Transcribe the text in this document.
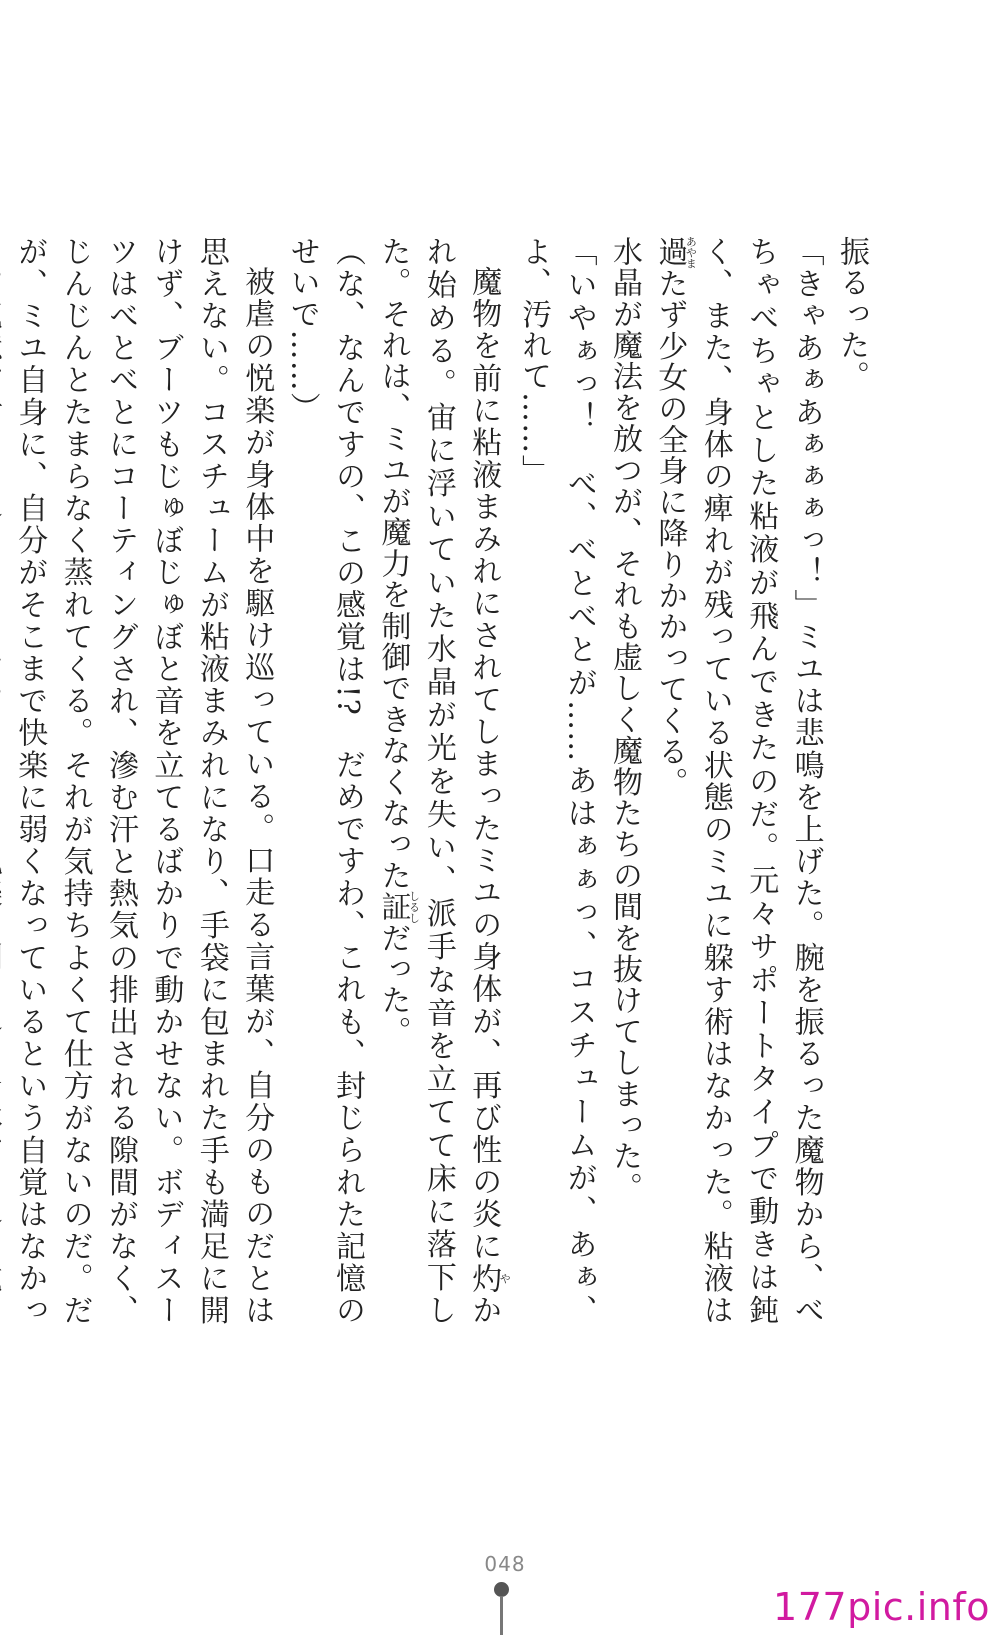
振るった。

「きゃあぁあぁぁぁっ！」ミユは悲鳴を上げた。腕を振るった魔物から、べちゃべちゃとした粘液が飛んできたのだ。元々サポートタイプで動きは鈍く、また、身体の痺れが残っている状態のミユに躱す術はなかった。粘液は過あやまたず少女の全身に降りかかってくる。

水晶が魔法を放つが、それも虚しく魔物たちの間を抜けてしまった。

「いやぁっ！　べ、べとべとが……あはぁぁっ、コスチュームが、あぁ、よ、汚れて……」

魔物を前に粘液まみれにされてしまったミユの身体が、再び性の炎に灼やかれ始める。宙に浮いていた水晶が光を失い、派手な音を立てて床に落下した。それは、ミユが魔力を制御できなくなった証しるしだった。

（な、なんですの、この感覚は!?　だめですわ、これも、封じられた記憶のせいで……）

被虐の悦楽が身体中を駆け巡っている。口走る言葉が、自分のものだとは思えない。コスチュームが粘液まみれになり、手袋に包まれた手も満足に開けず、ブーツもじゅぼじゅぼと音を立てるばかりで動かせない。ボディスーツはべとべとにコーティングされ、滲む汗と熱気の排出される隙間がなく、じんじんとたまらなく蒸れてくる。それが気持ちよくて仕方がないのだ。だが、ミユ自身に、自分がそこまで快楽に弱くなっているという自覚はなかっ

048
177pic.info
